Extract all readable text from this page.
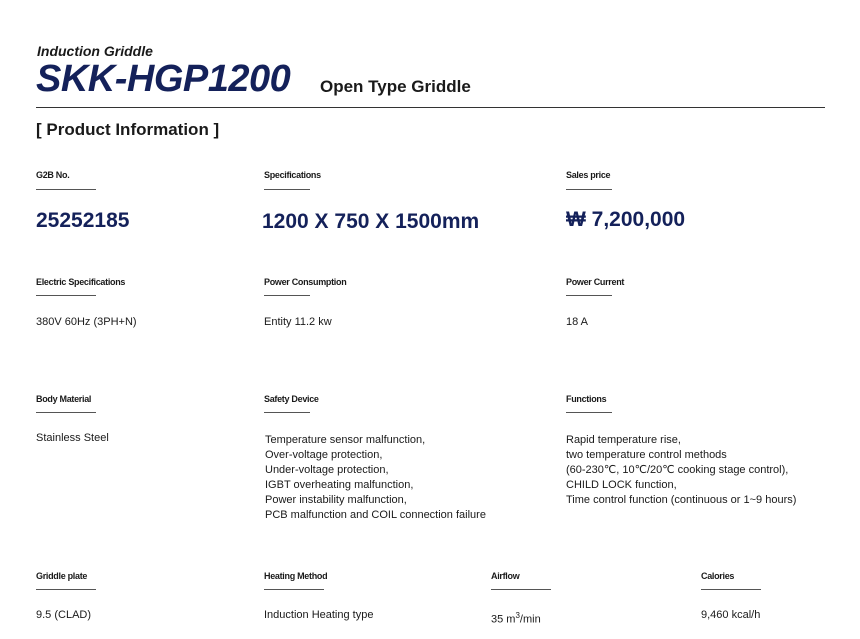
Induction Griddle
SKK-HGP1200 Open Type Griddle
[ Product Information ]
G2B No.
25252185
Specifications
1200 X 750 X 1500mm
Sales price
₩ 7,200,000
Electric Specifications
380V 60Hz (3PH+N)
Power Consumption
Entity 11.2 kw
Power Current
18 A
Body Material
Stainless Steel
Safety Device
Temperature sensor malfunction,
Over-voltage protection,
Under-voltage protection,
IGBT overheating malfunction,
Power instability malfunction,
PCB malfunction and COIL connection failure
Functions
Rapid temperature rise,
two temperature control methods
(60-230℃, 10℃/20℃ cooking stage control),
CHILD LOCK function,
Time control function (continuous or 1~9 hours)
Griddle plate
9.5 (CLAD)
Heating Method
Induction Heating type
Airflow
35 $m^3/\min$
Calories
9,460 kcal/h
